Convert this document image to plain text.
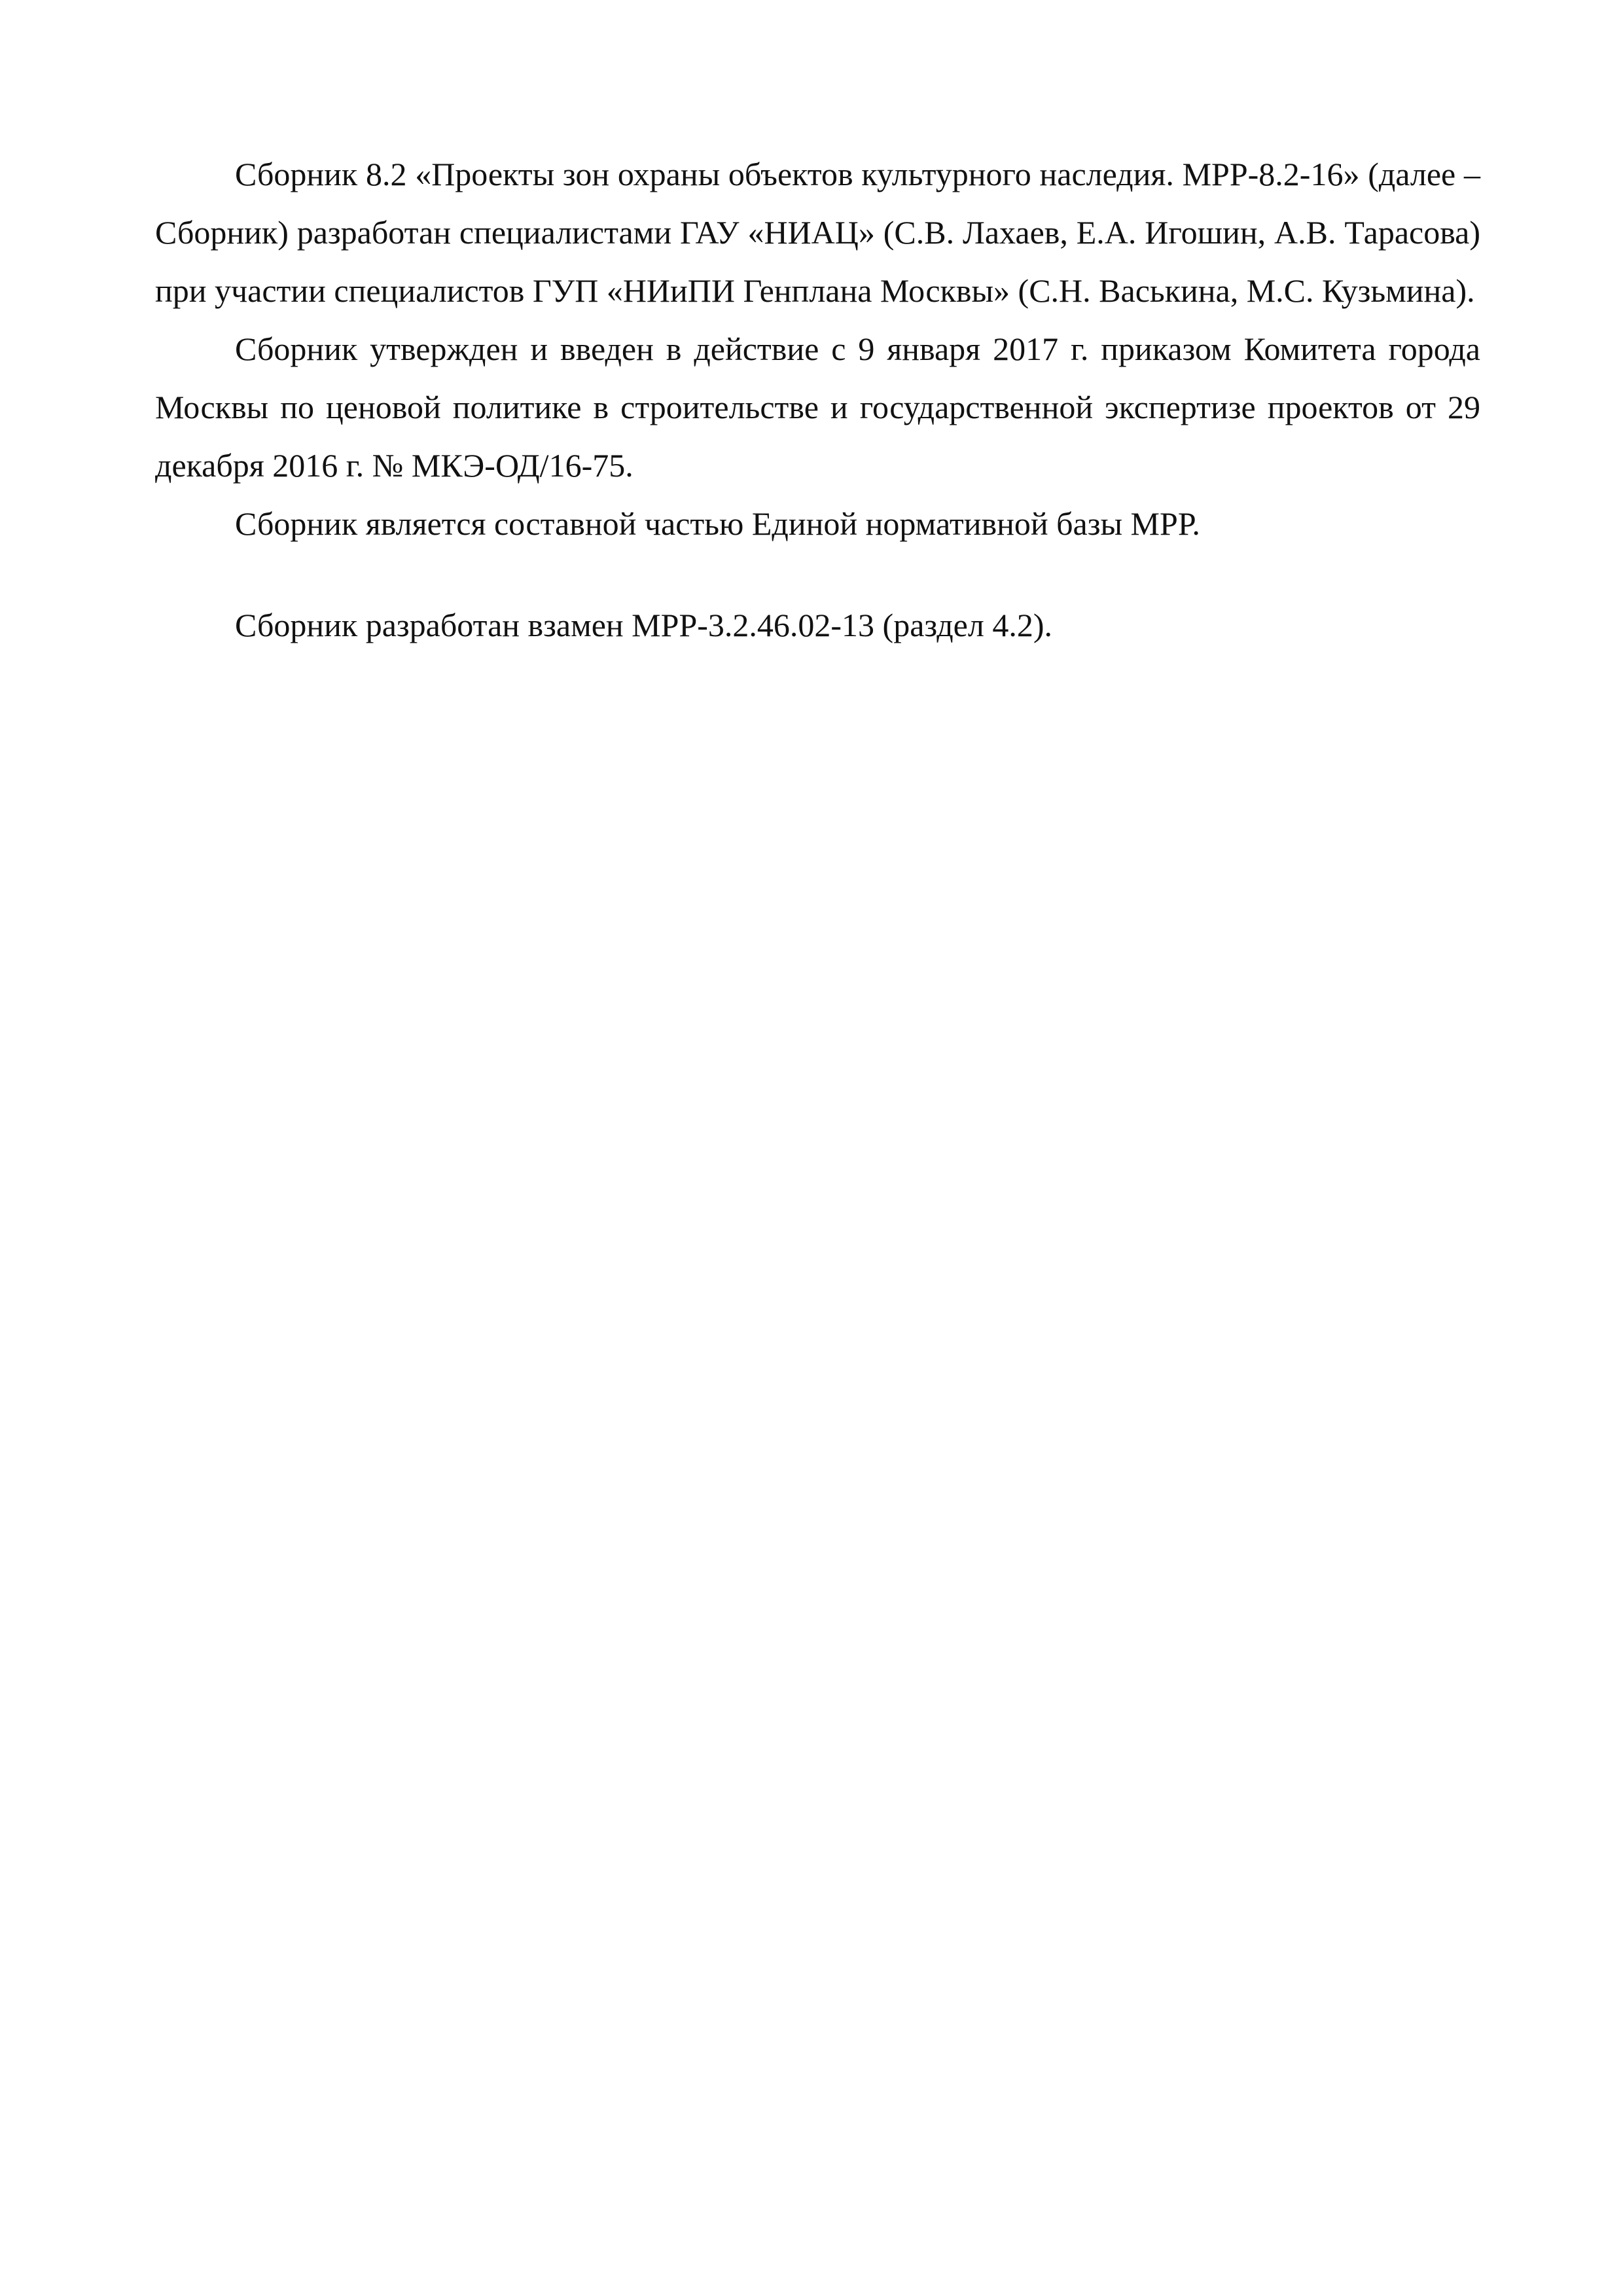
Сборник 8.2 «Проекты зон охраны объектов культурного наследия. МРР-8.2-16» (далее – Сборник) разработан специалистами ГАУ «НИАЦ» (С.В. Лахаев, Е.А. Игошин, А.В. Тарасова) при участии специалистов ГУП «НИиПИ Генплана Москвы» (С.Н. Васькина, М.С. Кузьмина).

Сборник утвержден и введен в действие с 9 января 2017 г. приказом Комитета города Москвы по ценовой политике в строительстве и государственной экспертизе проектов от 29 декабря 2016 г. № МКЭ-ОД/16-75.

Сборник является составной частью Единой нормативной базы МРР.

Сборник разработан взамен МРР-3.2.46.02-13 (раздел 4.2).
